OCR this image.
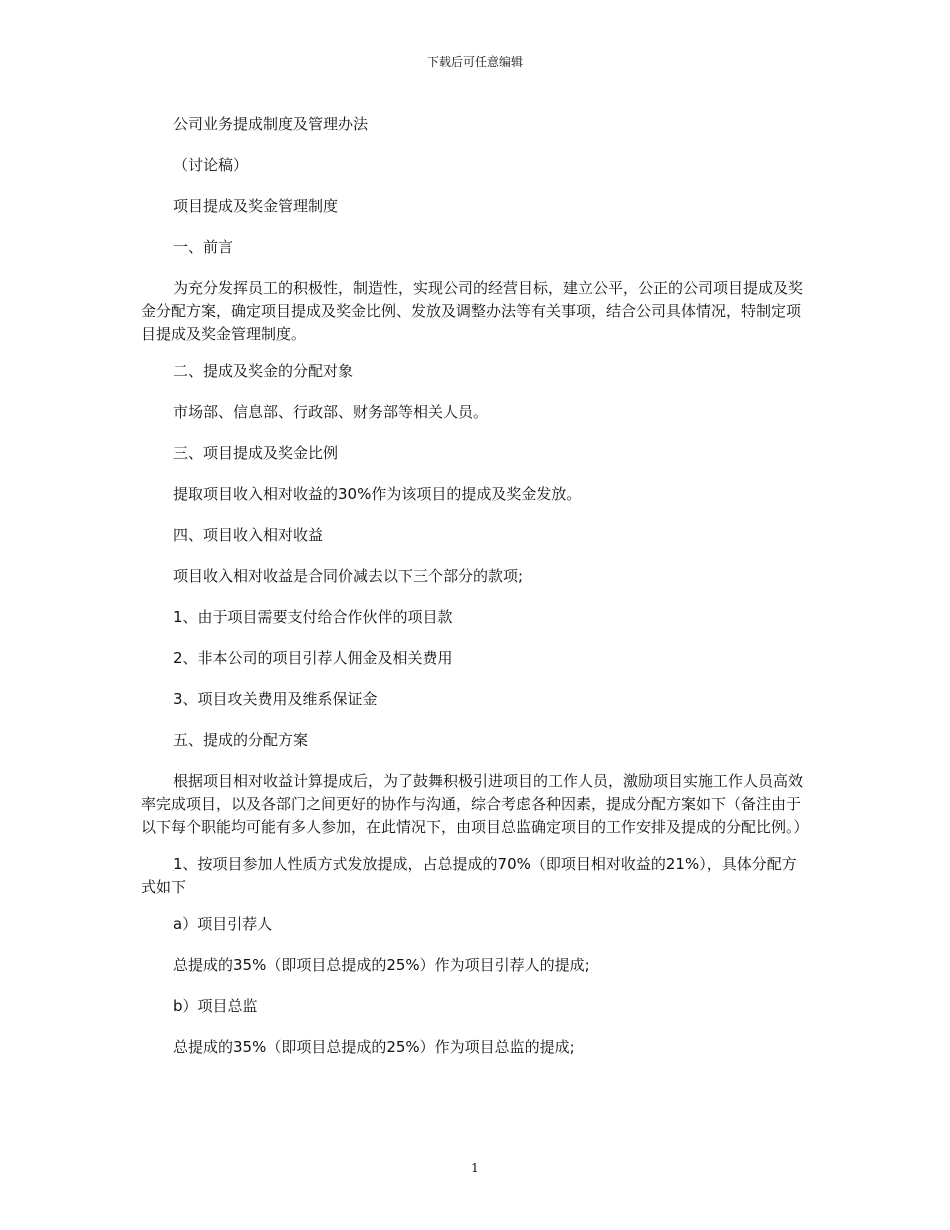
下载后可任意编辑

公司业务提成制度及管理办法

（讨论稿）

项目提成及奖金管理制度

一、前言

为充分发挥员工的积极性，制造性，实现公司的经营目标，建立公平，公正的公司项目提成及奖金分配方案，确定项目提成及奖金比例、发放及调整办法等有关事项，结合公司具体情况，特制定项目提成及奖金管理制度。

二、提成及奖金的分配对象

市场部、信息部、行政部、财务部等相关人员。

三、项目提成及奖金比例

提取项目收入相对收益的30%作为该项目的提成及奖金发放。

四、项目收入相对收益

项目收入相对收益是合同价减去以下三个部分的款项;

1、由于项目需要支付给合作伙伴的项目款

2、非本公司的项目引荐人佣金及相关费用

3、项目攻关费用及维系保证金

五、提成的分配方案

根据项目相对收益计算提成后，为了鼓舞积极引进项目的工作人员，激励项目实施工作人员高效率完成项目，以及各部门之间更好的协作与沟通，综合考虑各种因素，提成分配方案如下（备注由于以下每个职能均可能有多人参加，在此情况下，由项目总监确定项目的工作安排及提成的分配比例。）

1、按项目参加人性质方式发放提成，占总提成的70%（即项目相对收益的21%），具体分配方式如下

a）项目引荐人

总提成的35%（即项目总提成的25%）作为项目引荐人的提成;

b）项目总监

总提成的35%（即项目总提成的25%）作为项目总监的提成;

1
